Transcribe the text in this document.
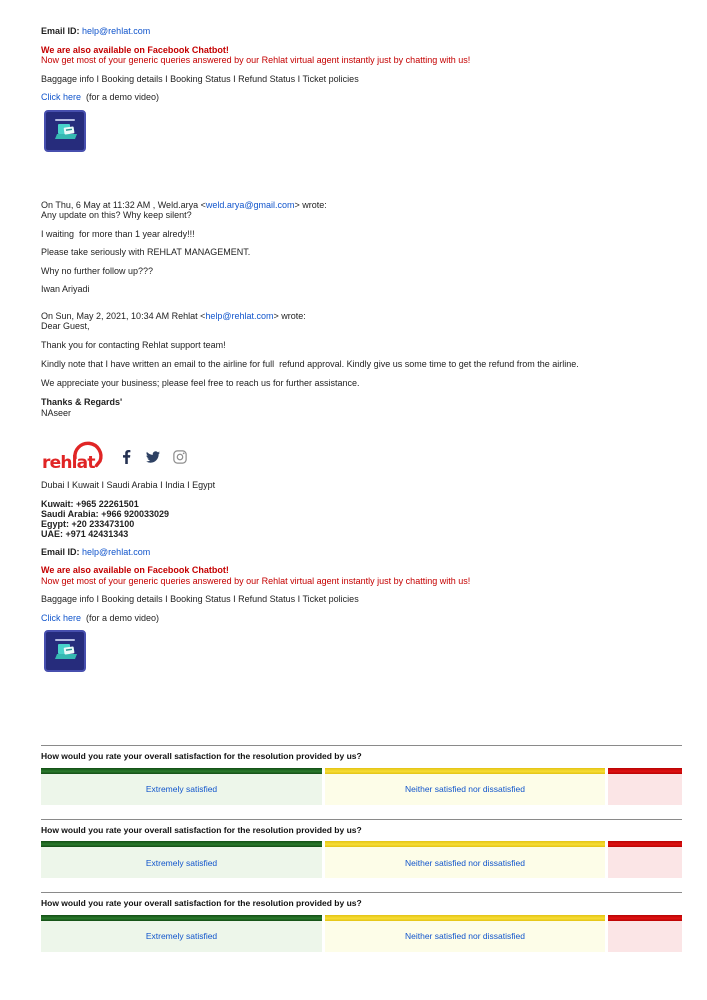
Email ID: help@rehlat.com

We are also available on Facebook Chatbot!

Now get most of your generic queries answered by our Rehlat virtual agent instantly just by chatting with us!

Baggage info I Booking details I Booking Status I Refund Status I Ticket policies

Click here  (for a demo video)

On Thu, 6 May at 11:32 AM , Weld.arya <weld.arya@gmail.com> wrote:

Any update on this? Why keep silent?

I waiting  for more than 1 year alredy!!!

Please take seriously with REHLAT MANAGEMENT.

Why no further follow up???

Iwan Ariyadi

On Sun, May 2, 2021, 10:34 AM Rehlat <help@rehlat.com> wrote:

Dear Guest,

Thank you for contacting Rehlat support team!

Kindly note that I have written an email to the airline for full  refund approval. Kindly give us some time to get the refund from the airline.

We appreciate your business; please feel free to reach us for further assistance.

Thanks & Regards'

NAseer

rehlat

Dubai I Kuwait I Saudi Arabia I India I Egypt

Kuwait: +965 22261501

Saudi Arabia: +966 920033029

Egypt: +20 233473100

UAE: +971 42431343

Email ID: help@rehlat.com

We are also available on Facebook Chatbot!

Now get most of your generic queries answered by our Rehlat virtual agent instantly just by chatting with us!

Baggage info I Booking details I Booking Status I Refund Status I Ticket policies

Click here  (for a demo video)

How would you rate your overall satisfaction for the resolution provided by us?

Extremely satisfied	Neither satisfied nor dissatisfied

How would you rate your overall satisfaction for the resolution provided by us?

Extremely satisfied	Neither satisfied nor dissatisfied

How would you rate your overall satisfaction for the resolution provided by us?

Extremely satisfied	Neither satisfied nor dissatisfied
